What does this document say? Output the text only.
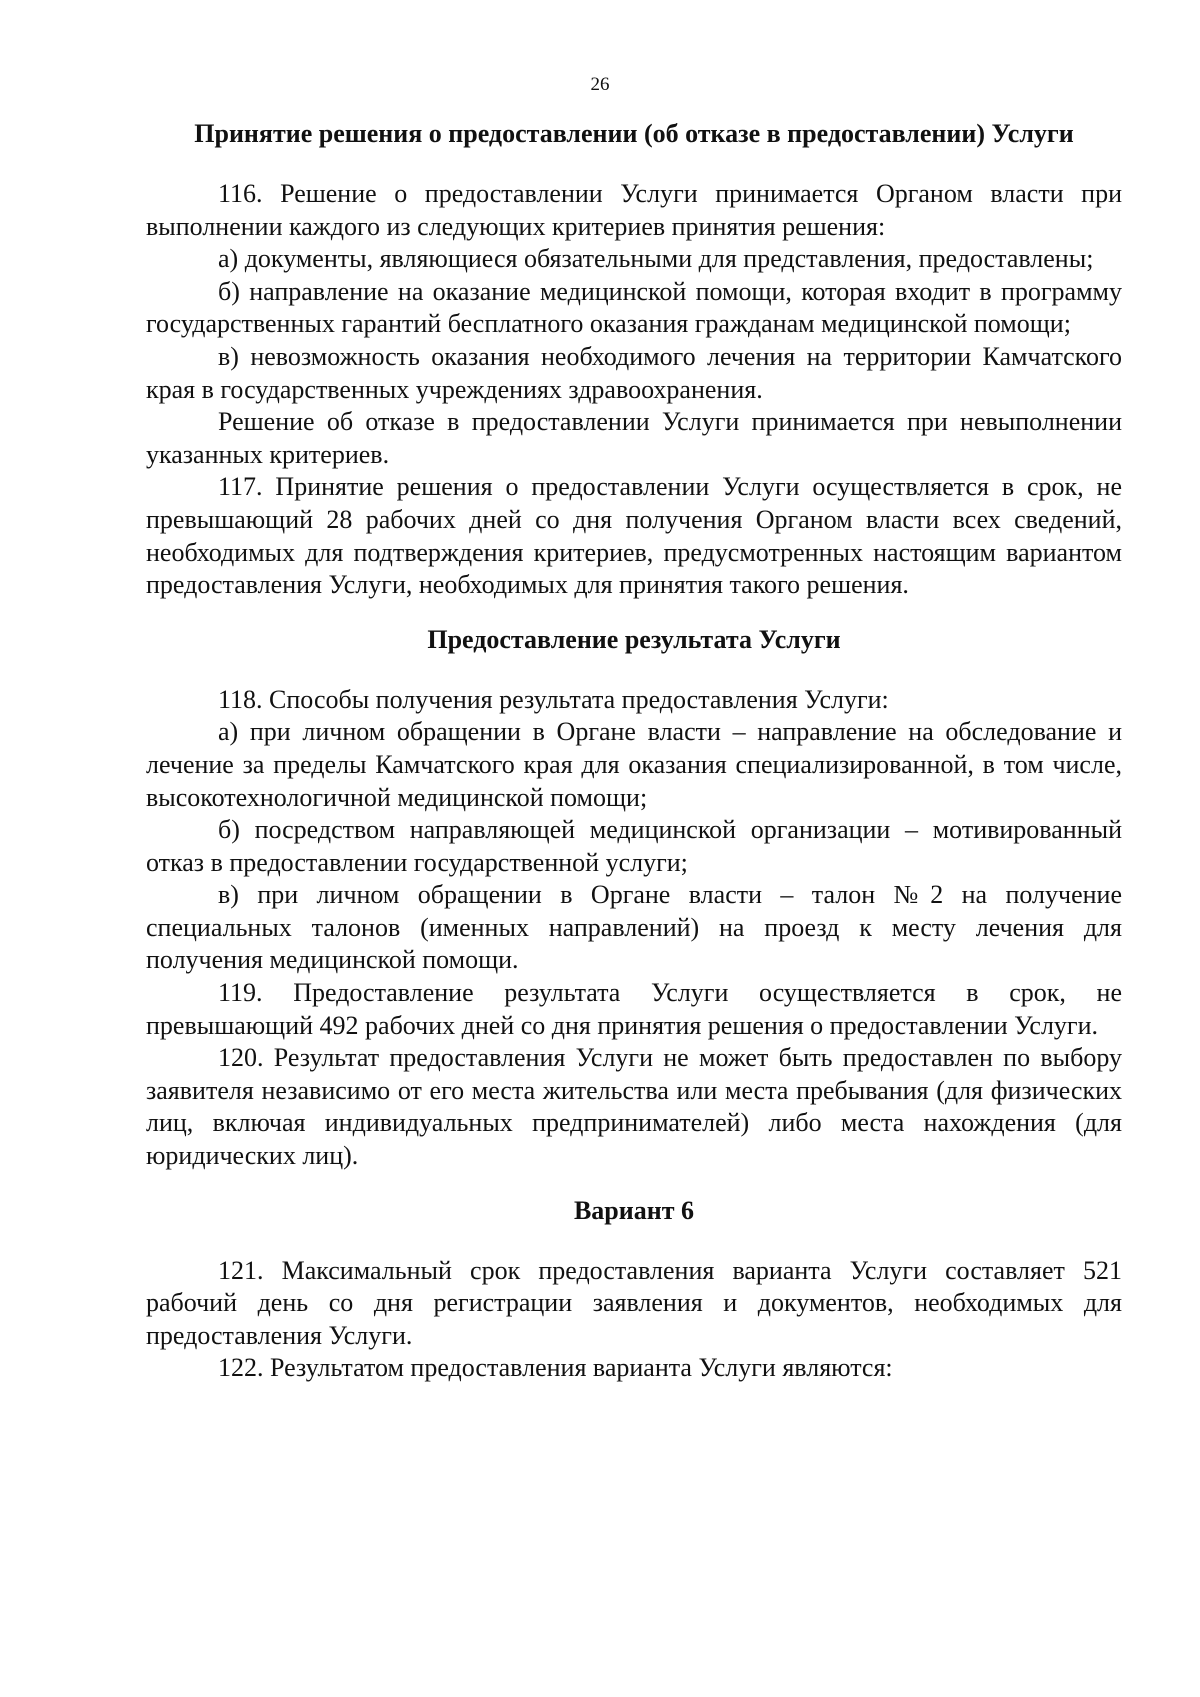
26
Принятие решения о предоставлении (об отказе в предоставлении) Услуги

116. Решение о предоставлении Услуги принимается Органом власти при выполнении каждого из следующих критериев принятия решения:

а) документы, являющиеся обязательными для представления, предоставлены;

б) направление на оказание медицинской помощи, которая входит в программу государственных гарантий бесплатного оказания гражданам медицинской помощи;

в) невозможность оказания необходимого лечения на территории Камчатского края в государственных учреждениях здравоохранения.

Решение об отказе в предоставлении Услуги принимается при невыполнении указанных критериев.

117. Принятие решения о предоставлении Услуги осуществляется в срок, не превышающий 28 рабочих дней со дня получения Органом власти всех сведений, необходимых для подтверждения критериев, предусмотренных настоящим вариантом предоставления Услуги, необходимых для принятия такого решения.

Предоставление результата Услуги

118. Способы получения результата предоставления Услуги:

а) при личном обращении в Органе власти – направление на обследование и лечение за пределы Камчатского края для оказания специализированной, в том числе, высокотехнологичной медицинской помощи;

б) посредством направляющей медицинской организации – мотивированный отказ в предоставлении государственной услуги;

в) при личном обращении в Органе власти – талон №2 на получение специальных талонов (именных направлений) на проезд к месту лечения для получения медицинской помощи.

119. Предоставление результата Услуги осуществляется в срок, не превышающий 492 рабочих дней со дня принятия решения о предоставлении Услуги.

120. Результат предоставления Услуги не может быть предоставлен по выбору заявителя независимо от его места жительства или места пребывания (для физических лиц, включая индивидуальных предпринимателей) либо места нахождения (для юридических лиц).

Вариант 6

121. Максимальный срок предоставления варианта Услуги составляет 521 рабочий день со дня регистрации заявления и документов, необходимых для предоставления Услуги.

122. Результатом предоставления варианта Услуги являются:
